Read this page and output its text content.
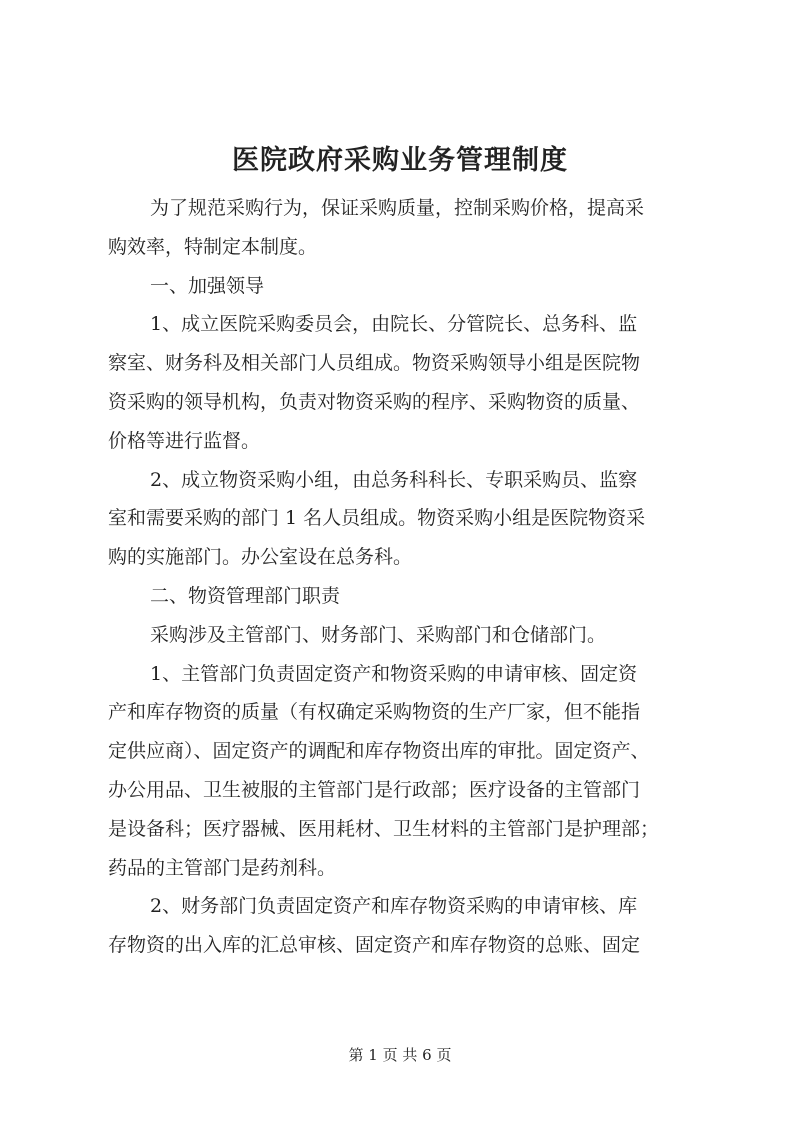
医院政府采购业务管理制度
为了规范采购行为，保证采购质量，控制采购价格，提高采
购效率，特制定本制度。
一、加强领导
1、成立医院采购委员会，由院长、分管院长、总务科、监
察室、财务科及相关部门人员组成。物资采购领导小组是医院物
资采购的领导机构，负责对物资采购的程序、采购物资的质量、
价格等进行监督。
2、成立物资采购小组，由总务科科长、专职采购员、监察
室和需要采购的部门 1 名人员组成。物资采购小组是医院物资采
购的实施部门。办公室设在总务科。
二、物资管理部门职责
采购涉及主管部门、财务部门、采购部门和仓储部门。
1、主管部门负责固定资产和物资采购的申请审核、固定资
产和库存物资的质量（有权确定采购物资的生产厂家，但不能指
定供应商）、固定资产的调配和库存物资出库的审批。固定资产、
办公用品、卫生被服的主管部门是行政部；医疗设备的主管部门
是设备科；医疗器械、医用耗材、卫生材料的主管部门是护理部；
药品的主管部门是药剂科。
2、财务部门负责固定资产和库存物资采购的申请审核、库
存物资的出入库的汇总审核、固定资产和库存物资的总账、固定
第 1 页 共 6 页
